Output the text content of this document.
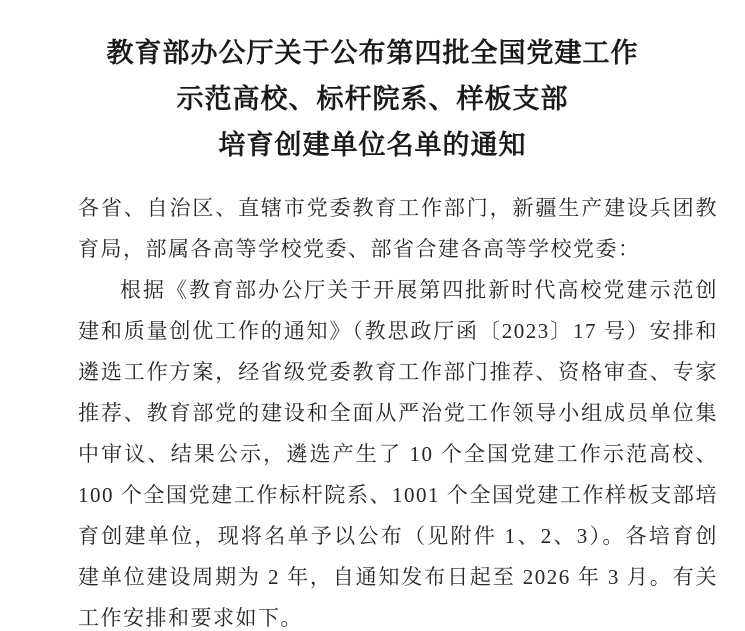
教育部办公厅关于公布第四批全国党建工作
示范高校、标杆院系、样板支部
培育创建单位名单的通知

各省、自治区、直辖市党委教育工作部门，新疆生产建设兵团教
育局，部属各高等学校党委、部省合建各高等学校党委：

根据《教育部办公厅关于开展第四批新时代高校党建示范创
建和质量创优工作的通知》（教思政厅函〔2023〕17 号）安排和
遴选工作方案，经省级党委教育工作部门推荐、资格审查、专家
推荐、教育部党的建设和全面从严治党工作领导小组成员单位集
中审议、结果公示，遴选产生了 10 个全国党建工作示范高校、
100 个全国党建工作标杆院系、1001 个全国党建工作样板支部培
育创建单位，现将名单予以公布（见附件 1、2、3）。各培育创
建单位建设周期为 2 年，自通知发布日起至 2026 年 3 月。有关
工作安排和要求如下。
